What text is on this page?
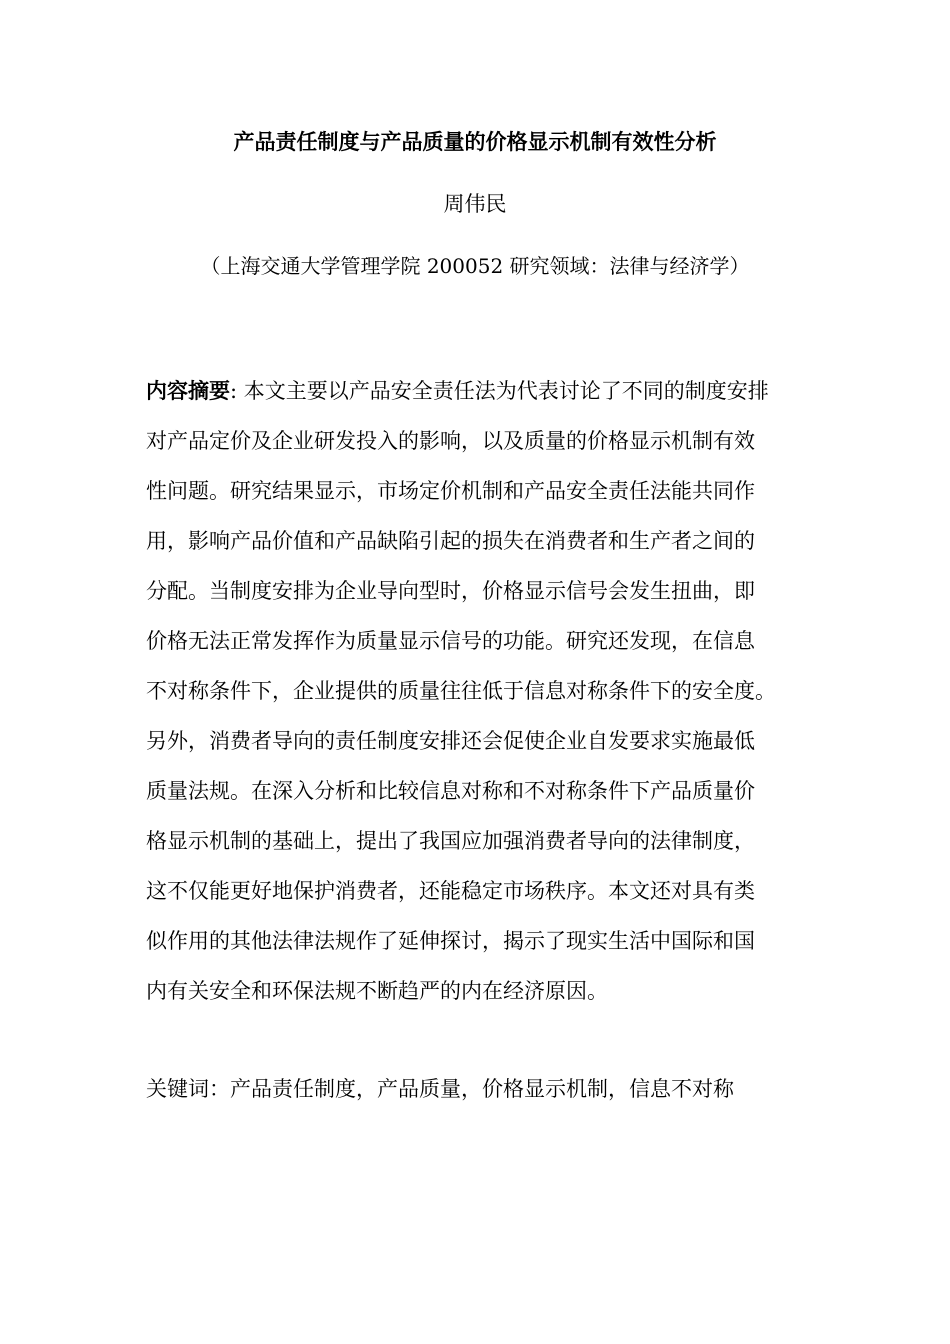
产品责任制度与产品质量的价格显示机制有效性分析
周伟民
（上海交通大学管理学院 200052 研究领域：法律与经济学）
内容摘要: 本文主要以产品安全责任法为代表讨论了不同的制度安排
对产品定价及企业研发投入的影响，以及质量的价格显示机制有效
性问题。研究结果显示，市场定价机制和产品安全责任法能共同作
用，影响产品价值和产品缺陷引起的损失在消费者和生产者之间的
分配。当制度安排为企业导向型时，价格显示信号会发生扭曲，即
价格无法正常发挥作为质量显示信号的功能。研究还发现，在信息
不对称条件下，企业提供的质量往往低于信息对称条件下的安全度。
另外，消费者导向的责任制度安排还会促使企业自发要求实施最低
质量法规。在深入分析和比较信息对称和不对称条件下产品质量价
格显示机制的基础上，提出了我国应加强消费者导向的法律制度，
这不仅能更好地保护消费者，还能稳定市场秩序。本文还对具有类
似作用的其他法律法规作了延伸探讨，揭示了现实生活中国际和国
内有关安全和环保法规不断趋严的内在经济原因。
关键词：产品责任制度，产品质量，价格显示机制，信息不对称
